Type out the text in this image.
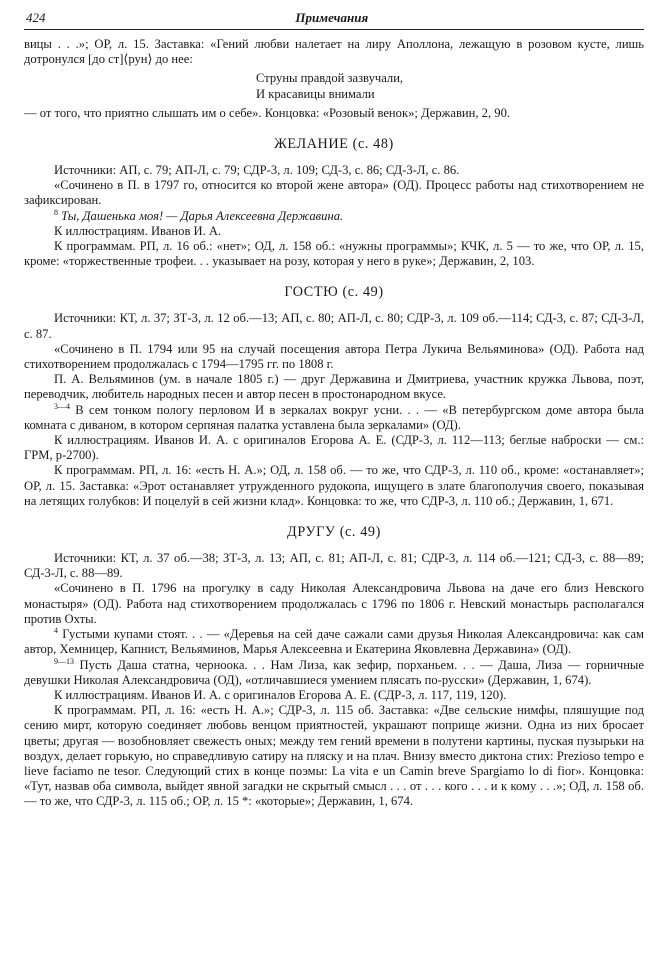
424	Примечания

вицы . . .»; ОР, л. 15. Заставка: «Гений любви налетает на лиру Аполлона, лежащую в розовом кусте, лишь дотронулся [до ст]⟨рун⟩ до нее:

Струны правдой зазвучали,
И красавицы внимали

— от того, что приятно слышать им о себе». Концовка: «Розовый венок»; Державин, 2, 90.

ЖЕЛАНИЕ (с. 48)

Источники: АП, с. 79; АП-Л, с. 79; СДР-3, л. 109; СД-3, с. 86; СД-3-Л, с. 86.

«Сочинено в П. в 1797 го, относится ко второй жене автора» (ОД). Процесс работы над стихотворением не зафиксирован.

$^8$ Ты, Дашенька моя! — Дарья Алексеевна Державина.

К иллюстрациям. Иванов И. А.

К программам. РП, л. 16 об.: «нет»; ОД, л. 158 об.: «нужны программы»; КЧК, л. 5 — то же, что ОР, л. 15, кроме: «торжественные трофеи. . . указывает на розу, которая у него в руке»; Державин, 2, 103.

ГОСТЮ (с. 49)

Источники: КТ, л. 37; ЗТ-3, л. 12 об.—13; АП, с. 80; АП-Л, с. 80; СДР-3, л. 109 об.—114; СД-3, с. 87; СД-3-Л, с. 87.

«Сочинено в П. 1794 или 95 на случай посещения автора Петра Лукича Вельяминова» (ОД). Работа над стихотворением продолжалась с 1794—1795 гг. по 1808 г.

П. А. Вельяминов (ум. в начале 1805 г.) — друг Державина и Дмитриева, участник кружка Львова, поэт, переводчик, любитель народных песен и автор песен в простонародном вкусе.

$^{3—4}$ В сем тонком пологу перловом И в зеркалах вокруг усни. . . — «В петербургском доме автора была комната с диваном, в котором серпяная палатка уставлена была зеркалами» (ОД).

К иллюстрациям. Иванов И. А. с оригиналов Егорова А. Е. (СДР-3, л. 112—113; беглые наброски — см.: ГРМ, р-2700).

К программам. РП, л. 16: «есть Н. А.»; ОД, л. 158 об. — то же, что СДР-3, л. 110 об., кроме: «останавляет»; ОР, л. 15. Заставка: «Эрот останавляет утружденного рудокопа, ищущего в злате благополучия своего, показывая на летящих голубков: И поцелуй в сей жизни клад». Концовка: то же, что СДР-3, л. 110 об.; Державин, 1, 671.

ДРУГУ (с. 49)

Источники: КТ, л. 37 об.—38; ЗТ-3, л. 13; АП, с. 81; АП-Л, с. 81; СДР-3, л. 114 об.—121; СД-3, с. 88—89; СД-3-Л, с. 88—89.

«Сочинено в П. 1796 на прогулку в саду Николая Александровича Львова на даче его близ Невского монастыря» (ОД). Работа над стихотворением продолжалась с 1796 по 1806 г. Невский монастырь располагался против Охты.

$^4$ Густыми купами стоят. . . — «Деревья на сей даче сажали сами друзья Николая Александровича: как сам автор, Хемницер, Капнист, Вельяминов, Марья Алексеевна и Екатерина Яковлевна Державина» (ОД).

$^{9—13}$ Пусть Даша статна, черноока. . . Нам Лиза, как зефир, порханьем. . . — Даша, Лиза — горничные девушки Николая Александровича (ОД), «отличавшиеся умением плясать по-русски» (Державин, 1, 674).

К иллюстрациям. Иванов И. А. с оригиналов Егорова А. Е. (СДР-3, л. 117, 119, 120).

К программам. РП, л. 16: «есть Н. А.»; СДР-3, л. 115 об. Заставка: «Две сельские нимфы, пляшущие под сению мирт, которую соединяет любовь венцом приятностей, украшают поприще жизни. Одна из них бросает цветы; другая — возобновляет свежесть оных; между тем гений времени в полутени картины, пуская пузырьки на воздух, делает горькую, но справедливую сатиру на пляску и на плач. Внизу вместо диктона стих: Prezioso tempo e lieve faciamo ne tesor. Следующий стих в конце поэмы: La vita e un Camin breve Spargiamo lo di fior». Концовка: «Тут, назвав оба символа, выйдет явной загадки не скрытый смысл . . . от . . . кого . . . и к кому . . .»; ОД, л. 158 об. — то же, что СДР-3, л. 115 об.; ОР, л. 15 *: «которые»; Державин, 1, 674.
